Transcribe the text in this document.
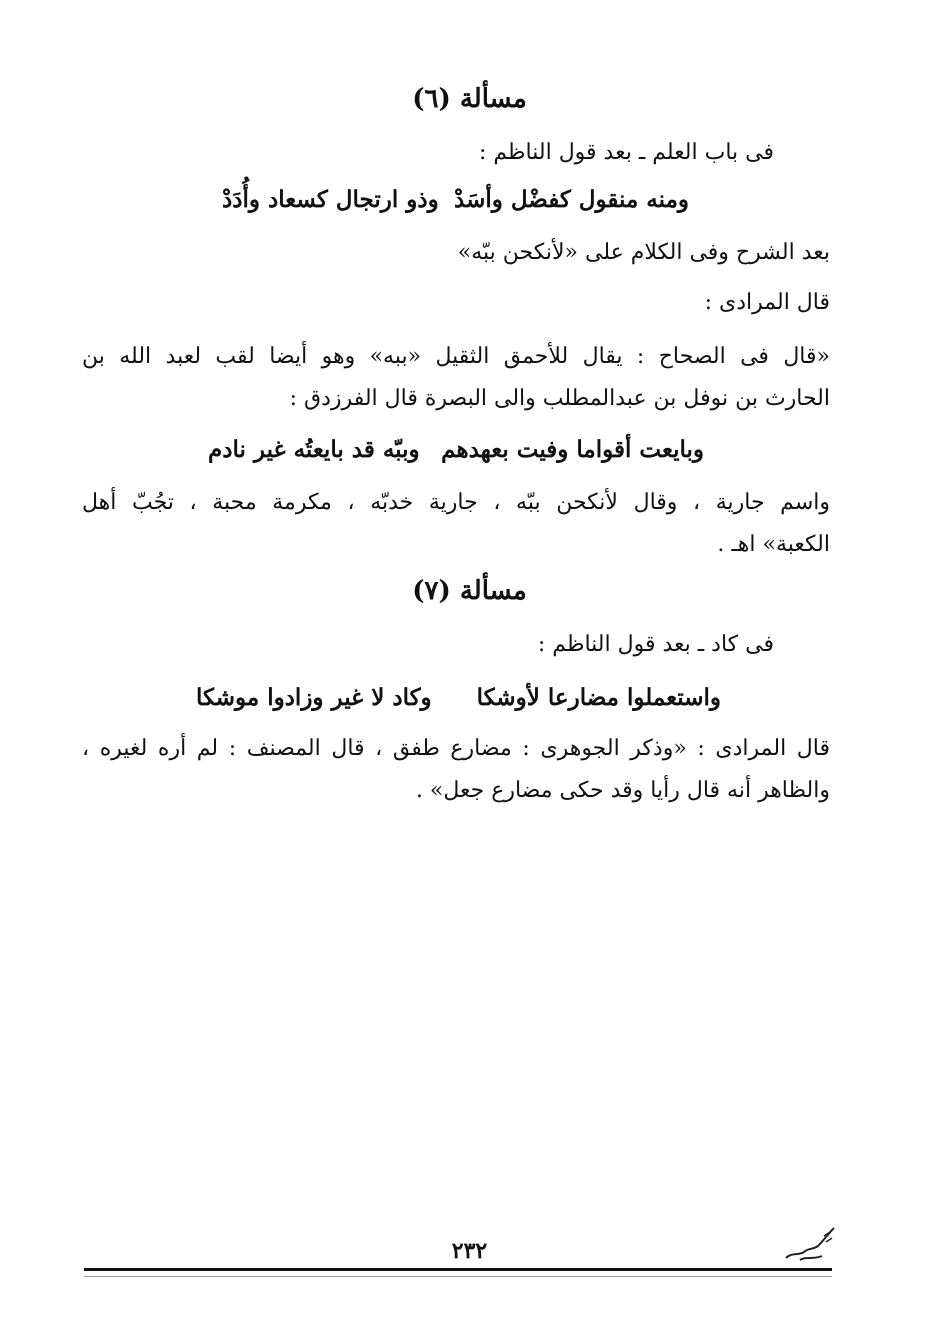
مسألة (٦)
فى باب العلم ـ بعد قول الناظم :
ومنه منقول كفضْل وأسَدْ
وذو ارتجال كسعاد وأُدَدْ
بعد الشرح وفى الكلام على «لأنكحن ببّه»
قال المرادى :
«قال فى الصحاح : يقال للأحمق الثقيل «ببه» وهو أيضا لقب لعبد الله بن
الحارث بن نوفل بن عبدالمطلب والى البصرة قال الفرزدق :
وبايعت أقواما وفيت بعهدهم
وببّه قد بايعتُه غير نادم
واسم جارية ، وقال لأنكحن ببّه ، جارية خدبّه ، مكرمة محبة ، تجُبّ أهل
الكعبة» اهـ .
مسألة (٧)
فى كاد ـ بعد قول الناظم :
واستعملوا مضارعا لأوشكا
وكاد لا غير وزادوا موشكا
قال المرادى : «وذكر الجوهرى : مضارع طفق ، قال المصنف : لم أره لغيره ،
والظاهر أنه قال رأيا وقد حكى مضارع جعل» .
٢٣٢
